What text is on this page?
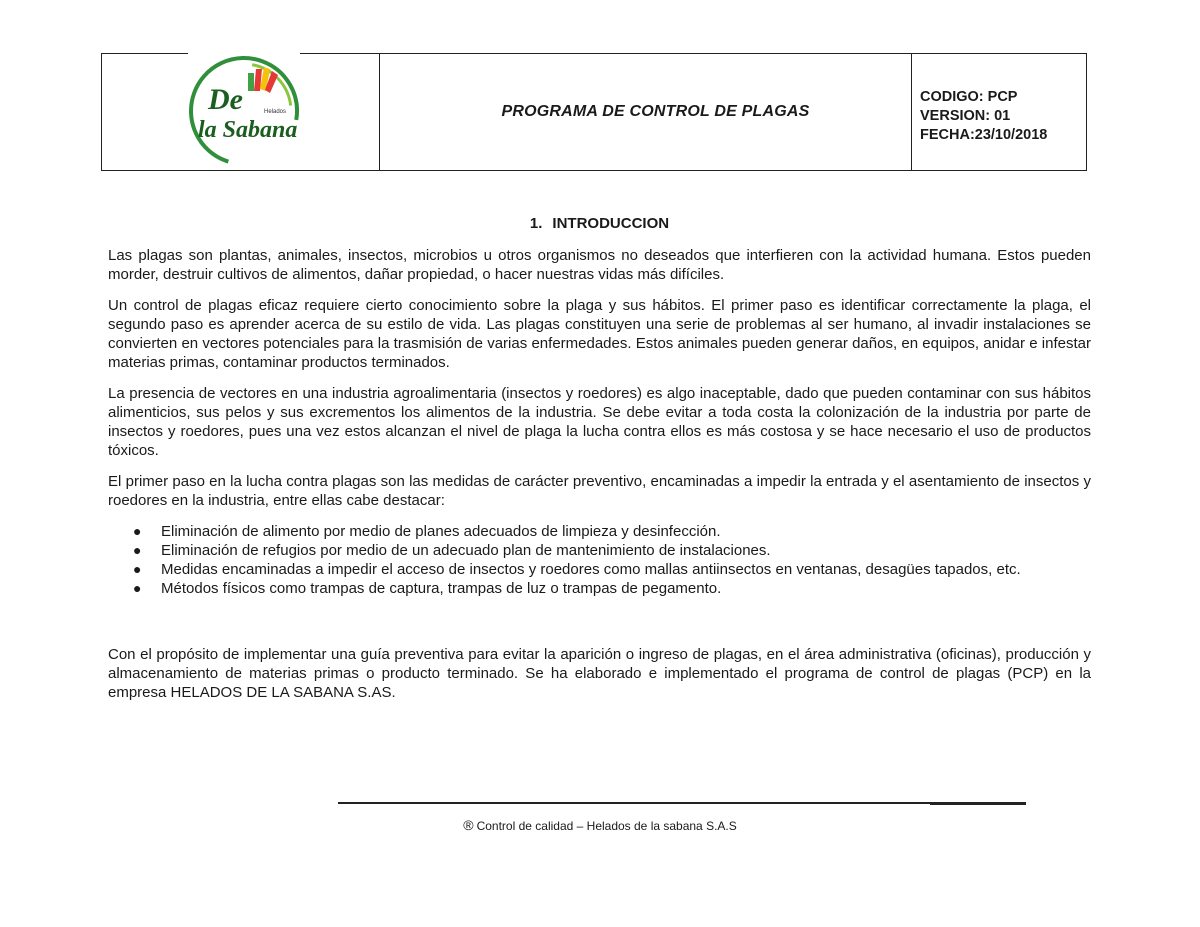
De
la Sabana
Helados	PROGRAMA DE CONTROL DE PLAGAS
CODIGO: PCP
VERSION: 01
FECHA:23/10/2018
1. INTRODUCCION

Las plagas son plantas, animales, insectos, microbios u otros organismos no deseados que interfieren con la actividad humana. Estos pueden morder, destruir cultivos de alimentos, dañar propiedad, o hacer nuestras vidas más difíciles.

Un control de plagas eficaz requiere cierto conocimiento sobre la plaga y sus hábitos. El primer paso es identificar correctamente la plaga, el segundo paso es aprender acerca de su estilo de vida. Las plagas constituyen una serie de problemas al ser humano, al invadir instalaciones se convierten en vectores potenciales para la trasmisión de varias enfermedades. Estos animales pueden generar daños, en equipos, anidar e infestar materias primas, contaminar productos terminados.

La presencia de vectores en una industria agroalimentaria (insectos y roedores) es algo inaceptable, dado que pueden contaminar con sus hábitos alimenticios, sus pelos y sus excrementos los alimentos de la industria. Se debe evitar a toda costa la colonización de la industria por parte de insectos y roedores, pues una vez estos alcanzan el nivel de plaga la lucha contra ellos es más costosa y se hace necesario el uso de productos tóxicos.

El primer paso en la lucha contra plagas son las medidas de carácter preventivo, encaminadas a impedir la entrada y el asentamiento de insectos y roedores en la industria, entre ellas cabe destacar:

● Eliminación de alimento por medio de planes adecuados de limpieza y desinfección.
● Eliminación de refugios por medio de un adecuado plan de mantenimiento de instalaciones.
● Medidas encaminadas a impedir el acceso de insectos y roedores como mallas antiinsectos en ventanas, desagües tapados, etc.
● Métodos físicos como trampas de captura, trampas de luz o trampas de pegamento.

Con el propósito de implementar una guía preventiva para evitar la aparición o ingreso de plagas, en el área administrativa (oficinas), producción y almacenamiento de materias primas o producto terminado. Se ha elaborado e implementado el programa de control de plagas (PCP) en la empresa HELADOS DE LA SABANA S.AS.

® Control de calidad – Helados de la sabana S.A.S
